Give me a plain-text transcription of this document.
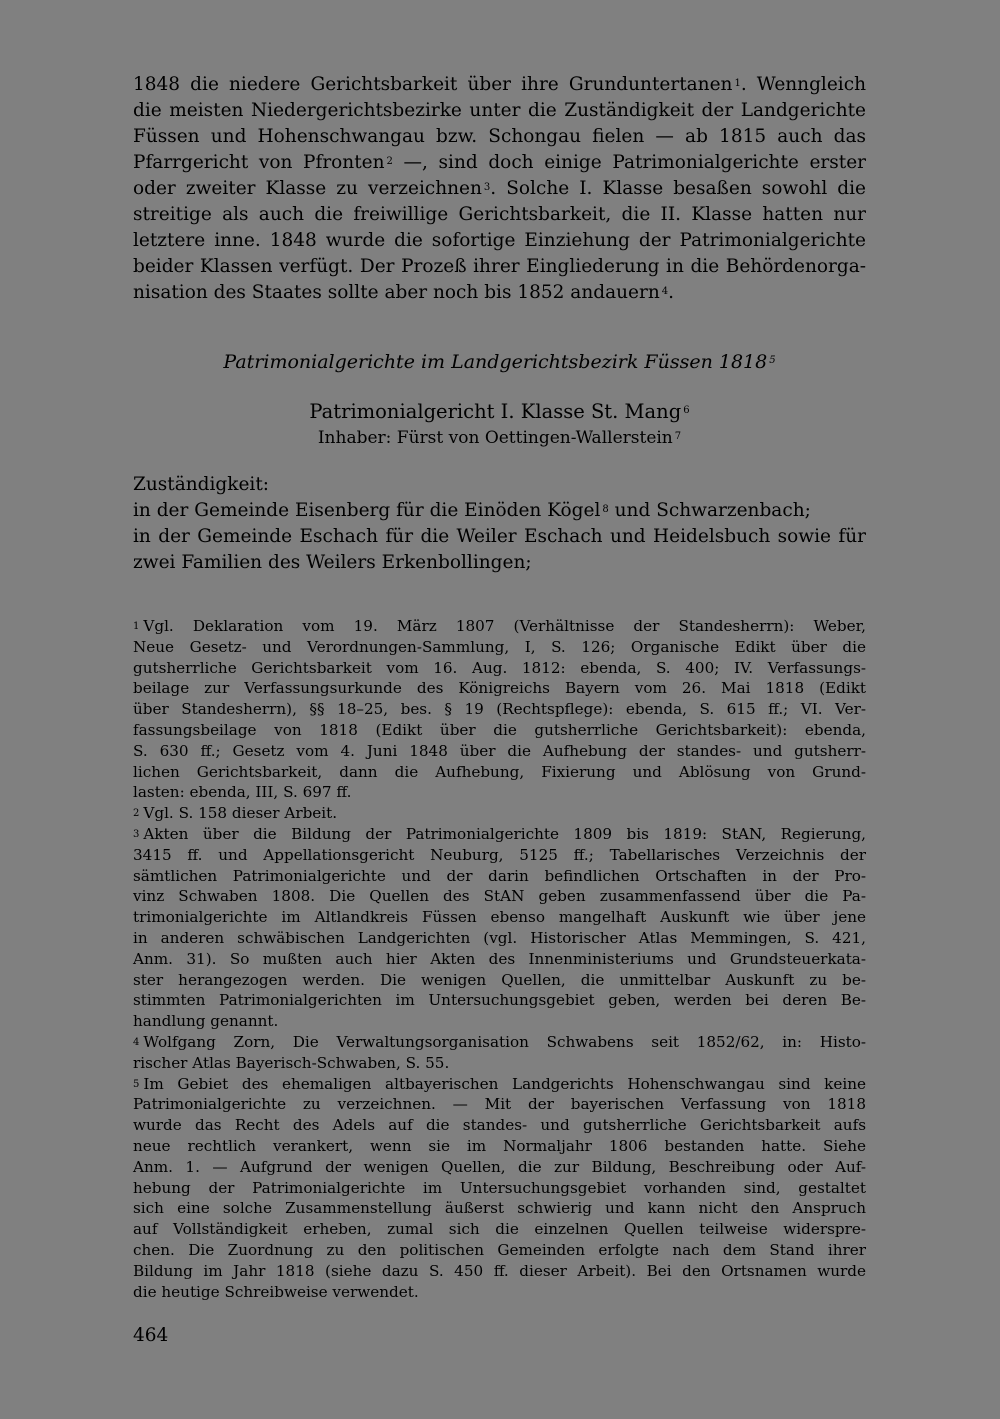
1848 die niedere Gerichtsbarkeit über ihre Grunduntertanen $^1$. Wenngleich
die meisten Niedergerichtsbezirke unter die Zuständigkeit der Landgerichte
Füssen und Hohenschwangau bzw. Schongau fielen — ab 1815 auch das
Pfarrgericht von Pfronten $^2$ —, sind doch einige Patrimonialgerichte erster
oder zweiter Klasse zu verzeichnen $^3$. Solche I. Klasse besaßen sowohl die
streitige als auch die freiwillige Gerichtsbarkeit, die II. Klasse hatten nur
letztere inne. 1848 wurde die sofortige Einziehung der Patrimonialgerichte
beider Klassen verfügt. Der Prozeß ihrer Eingliederung in die Behördenorga-
nisation des Staates sollte aber noch bis 1852 andauern $^4$.
Patrimonialgerichte im Landgerichtsbezirk Füssen 1818 $^5$
Patrimonialgericht I. Klasse St. Mang $^6$
Inhaber: Fürst von Oettingen-Wallerstein $^7$
Zuständigkeit:
in der Gemeinde Eisenberg für die Einöden Kögel $^8$ und Schwarzenbach;
in der Gemeinde Eschach für die Weiler Eschach und Heidelsbuch sowie für
zwei Familien des Weilers Erkenbollingen;
$^1$ Vgl. Deklaration vom 19. März 1807 (Verhältnisse der Standesherrn): Weber,
Neue Gesetz- und Verordnungen-Sammlung, I, S. 126; Organische Edikt über die
gutsherrliche Gerichtsbarkeit vom 16. Aug. 1812: ebenda, S. 400; IV. Verfassungs-
beilage zur Verfassungsurkunde des Königreichs Bayern vom 26. Mai 1818 (Edikt
über Standesherrn), §§ 18–25, bes. § 19 (Rechtspflege): ebenda, S. 615 ff.; VI. Ver-
fassungsbeilage von 1818 (Edikt über die gutsherrliche Gerichtsbarkeit): ebenda,
S. 630 ff.; Gesetz vom 4. Juni 1848 über die Aufhebung der standes- und gutsherr-
lichen Gerichtsbarkeit, dann die Aufhebung, Fixierung und Ablösung von Grund-
lasten: ebenda, III, S. 697 ff.
$^2$ Vgl. S. 158 dieser Arbeit.
$^3$ Akten über die Bildung der Patrimonialgerichte 1809 bis 1819: StAN, Regierung,
3415 ff. und Appellationsgericht Neuburg, 5125 ff.; Tabellarisches Verzeichnis der
sämtlichen Patrimonialgerichte und der darin befindlichen Ortschaften in der Pro-
vinz Schwaben 1808. Die Quellen des StAN geben zusammenfassend über die Pa-
trimonialgerichte im Altlandkreis Füssen ebenso mangelhaft Auskunft wie über jene
in anderen schwäbischen Landgerichten (vgl. Historischer Atlas Memmingen, S. 421,
Anm. 31). So mußten auch hier Akten des Innenministeriums und Grundsteuerkata-
ster herangezogen werden. Die wenigen Quellen, die unmittelbar Auskunft zu be-
stimmten Patrimonialgerichten im Untersuchungsgebiet geben, werden bei deren Be-
handlung genannt.
$^4$ Wolfgang Zorn, Die Verwaltungsorganisation Schwabens seit 1852/62, in: Histo-
rischer Atlas Bayerisch-Schwaben, S. 55.
$^5$ Im Gebiet des ehemaligen altbayerischen Landgerichts Hohenschwangau sind keine
Patrimonialgerichte zu verzeichnen. — Mit der bayerischen Verfassung von 1818
wurde das Recht des Adels auf die standes- und gutsherrliche Gerichtsbarkeit aufs
neue rechtlich verankert, wenn sie im Normaljahr 1806 bestanden hatte. Siehe
Anm. 1. — Aufgrund der wenigen Quellen, die zur Bildung, Beschreibung oder Auf-
hebung der Patrimonialgerichte im Untersuchungsgebiet vorhanden sind, gestaltet
sich eine solche Zusammenstellung äußerst schwierig und kann nicht den Anspruch
auf Vollständigkeit erheben, zumal sich die einzelnen Quellen teilweise widersprе-
chen. Die Zuordnung zu den politischen Gemeinden erfolgte nach dem Stand ihrer
Bildung im Jahr 1818 (siehe dazu S. 450 ff. dieser Arbeit). Bei den Ortsnamen wurde
die heutige Schreibweise verwendet.
464
